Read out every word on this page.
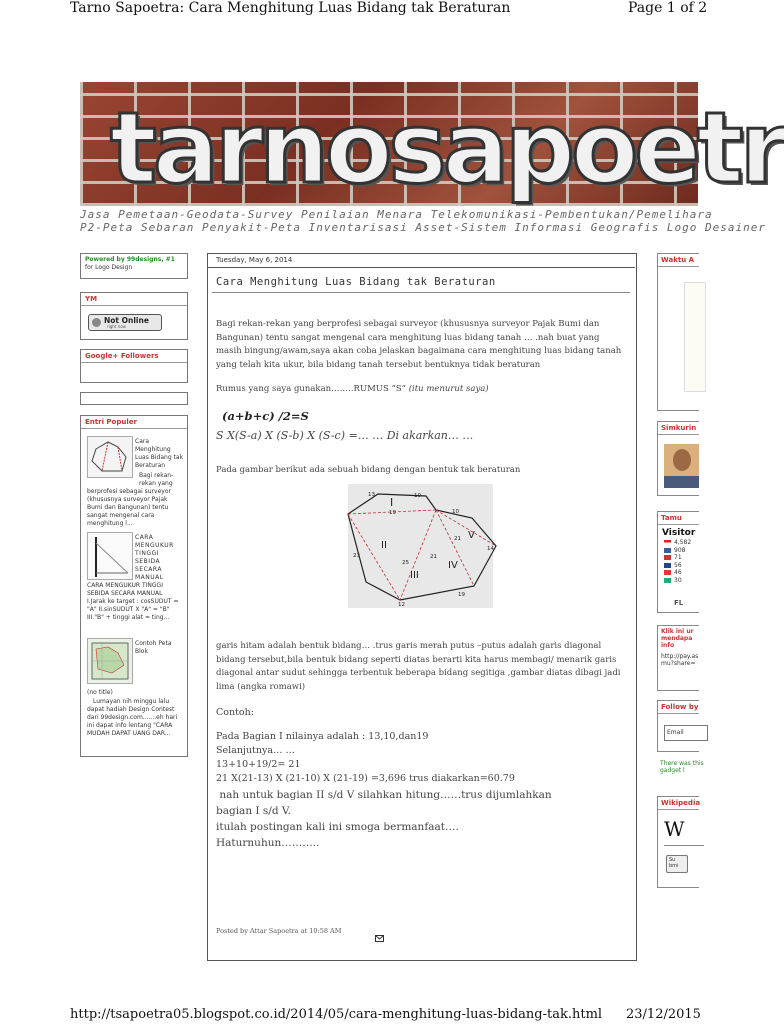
Tarno Sapoetra: Cara Menghitung Luas Bidang tak Beraturan	Page 1 of 2
tarnosapoetr
Jasa Pemetaan-Geodata-Survey Penilaian Menara Telekomunikasi-Pembentukan/Pemelihara
P2-Peta Sebaran Penyakit-Peta Inventarisasi Asset-Sistem Informasi Geografis Logo Desainer
Powered by 99designs, #1
for Logo Design
YM
Not Online
right now
Google+ Followers
Entri Populer
Cara Menghitung Luas Bidang tak Beraturan
Bagi rekan-rekan yang
berprofesi sebagai surveyor (khususnya surveyor Pajak Bumi dan Bangunan) tentu sangat mengenal cara menghitung l...
CARA MENGUKUR TINGGI SEBIDA SECARA MANUAL
CARA MENGUKUR TINGGI SEBIDA SECARA MANUAL I.Jarak ke target : cosSUDUT = "A" II.sinSUDUT X "A" = "B" III."B" + tinggi alat = ting...
Contoh Peta Blok
(no title)
Lumayan nih minggu lalu dapat hadiah Design Contest dari 99design.com.......eh hari ini dapat info lentang "CARA MUDAH DAPAT UANG DAR...
Tuesday, May 6, 2014
Cara Menghitung Luas Bidang tak Beraturan
Bagi rekan-rekan yang berprofesi sebagai surveyor (khususnya surveyor Pajak Bumi dan Bangunan) tentu sangat mengenal cara menghitung luas bidang tanah … .nah buat yang masih bingung/awam,saya akan coba jelaskan bagaimana cara menghitung luas bidang tanah yang telah kita ukur, bila bidang tanah tersebut bentuknya tidak beraturan
Rumus yang saya gunakan……..RUMUS “S” (itu menurut saya)
(a+b+c) /2=S
S X(S-a) X (S-b) X (S-c) =… … Di akarkan… …
Pada gambar berikut ada sebuah bidang dengan bentuk tak beraturan
I
II
III
IV
V
13	10
19	10
21
14
23
25
21
12
19
garis hitam adalah bentuk bidang… .trus garis merah putus –putus adalah garis diagonal bidang tersebut,bila bentuk bidang seperti diatas berarti kita harus membagi/ menarik garis diagonal antar sudut sehingga terbentuk beberapa bidang segitiga ,gambar diatas dibagi jadi lima (angka romawi)
Contoh:
Pada Bagian I nilainya adalah : 13,10,dan19
Selanjutnya… …
13+10+19/2= 21
21 X(21-13) X (21-10) X (21-19) =3,696 trus diakarkan=60.79
nah untuk bagian II s/d V silahkan hitung……trus dijumlahkan
bagian I s/d V.
itulah postingan kali ini smoga bermanfaat….
Haturnuhun………..
Posted by Attar Sapoetra at 10:58 AM
Waktu A
Simkurin
Tamu
Visitor
4,582
908
71
56
46
30
FL
Klik ini ur mendapa info
http://pay.as mu?share=
Follow by
Email
There was this gadget l
Wikipedia
W
Su bmi
http://tsapoetra05.blogspot.co.id/2014/05/cara-menghitung-luas-bidang-tak.html 23/12/2015
